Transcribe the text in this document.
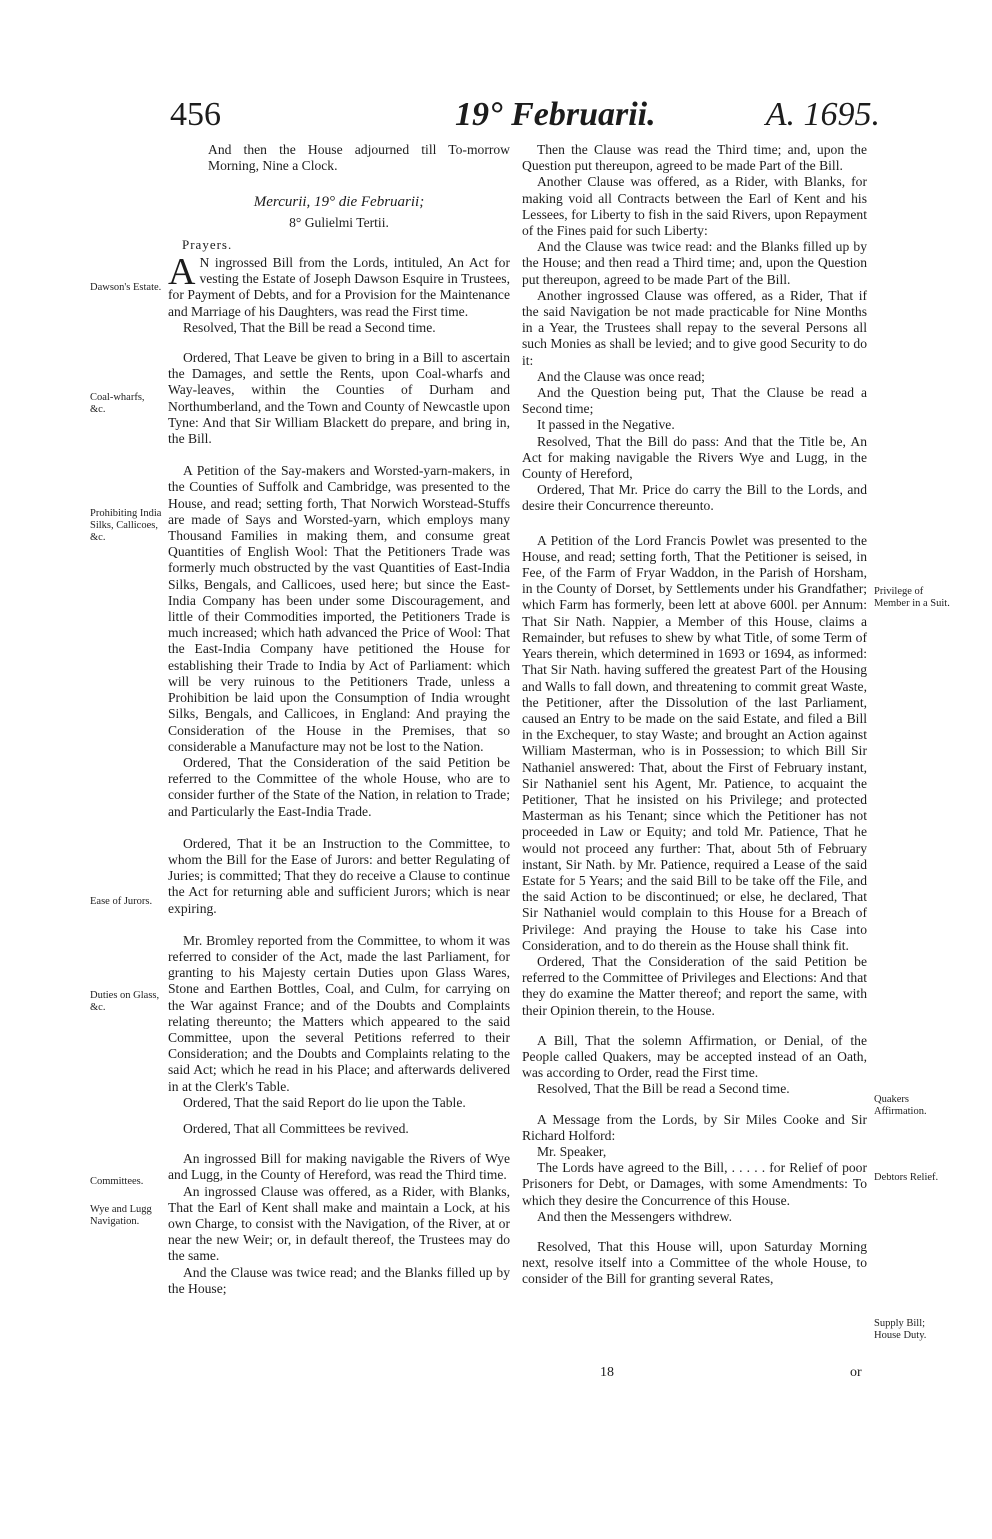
456	19° Februarii.	A. 1695.

And then the House adjourned till To-morrow Morning, Nine a Clock.

Mercurii, 19° die Februarii;

8° Gulielmi Tertii.

Prayers.

A N ingrossed Bill from the Lords, intituled, An Act for vesting the Estate of Joseph Dawson Esquire in Trustees, for Payment of Debts, and for a Provision for the Maintenance and Marriage of his Daughters, was read the First time.

Resolved, That the Bill be read a Second time.

Ordered, That Leave be given to bring in a Bill to ascertain the Damages, and settle the Rents, upon Coal-wharfs and Way-leaves, within the Counties of Durham and Northumberland, and the Town and County of Newcastle upon Tyne: And that Sir William Blackett do prepare, and bring in, the Bill.

A Petition of the Say-makers and Worsted-yarn-makers, in the Counties of Suffolk and Cambridge, was presented to the House, and read; setting forth, That Norwich Worstead-Stuffs are made of Says and Worsted-yarn, which employs many Thousand Families in making them, and consume great Quantities of English Wool: That the Petitioners Trade was formerly much obstructed by the vast Quantities of East-India Silks, Bengals, and Callicoes, used here; but since the East-India Company has been under some Discouragement, and little of their Commodities imported, the Petitioners Trade is much increased; which hath advanced the Price of Wool: That the East-India Company have petitioned the House for establishing their Trade to India by Act of Parliament: which will be very ruinous to the Petitioners Trade, unless a Prohibition be laid upon the Consumption of India wrought Silks, Bengals, and Callicoes, in England: And praying the Consideration of the House in the Premises, that so considerable a Manufacture may not be lost to the Nation.

Ordered, That the Consideration of the said Petition be referred to the Committee of the whole House, who are to consider further of the State of the Nation, in relation to Trade; and Particularly the East-India Trade.

Ordered, That it be an Instruction to the Committee, to whom the Bill for the Ease of Jurors: and better Regulating of Juries; is committed; That they do receive a Clause to continue the Act for returning able and sufficient Jurors; which is near expiring.

Mr. Bromley reported from the Committee, to whom it was referred to consider of the Act, made the last Parliament, for granting to his Majesty certain Duties upon Glass Wares, Stone and Earthen Bottles, Coal, and Culm, for carrying on the War against France; and of the Doubts and Complaints relating thereunto; the Matters which appeared to the said Committee, upon the several Petitions referred to their Consideration; and the Doubts and Complaints relating to the said Act; which he read in his Place; and afterwards delivered in at the Clerk's Table.

Ordered, That the said Report do lie upon the Table.

Ordered, That all Committees be revived.

An ingrossed Bill for making navigable the Rivers of Wye and Lugg, in the County of Hereford, was read the Third time.

An ingrossed Clause was offered, as a Rider, with Blanks, That the Earl of Kent shall make and maintain a Lock, at his own Charge, to consist with the Navigation, of the River, at or near the new Weir; or, in default thereof, the Trustees may do the same.

And the Clause was twice read; and the Blanks filled up by the House;

Then the Clause was read the Third time; and, upon the Question put thereupon, agreed to be made Part of the Bill.

Another Clause was offered, as a Rider, with Blanks, for making void all Contracts between the Earl of Kent and his Lessees, for Liberty to fish in the said Rivers, upon Repayment of the Fines paid for such Liberty:

And the Clause was twice read: and the Blanks filled up by the House; and then read a Third time; and, upon the Question put thereupon, agreed to be made Part of the Bill.

Another ingrossed Clause was offered, as a Rider, That if the said Navigation be not made practicable for Nine Months in a Year, the Trustees shall repay to the several Persons all such Monies as shall be levied; and to give good Security to do it:

And the Clause was once read;

And the Question being put, That the Clause be read a Second time;

It passed in the Negative.

Resolved, That the Bill do pass: And that the Title be, An Act for making navigable the Rivers Wye and Lugg, in the County of Hereford,

Ordered, That Mr. Price do carry the Bill to the Lords, and desire their Concurrence thereunto.

A Petition of the Lord Francis Powlet was presented to the House, and read; setting forth, That the Petitioner is seised, in Fee, of the Farm of Fryar Waddon, in the Parish of Horsham, in the County of Dorset, by Settlements under his Grandfather; which Farm has formerly, been lett at above 600l. per Annum: That Sir Nath. Nappier, a Member of this House, claims a Remainder, but refuses to shew by what Title, of some Term of Years therein, which determined in 1693 or 1694, as informed: That Sir Nath. having suffered the greatest Part of the Housing and Walls to fall down, and threatening to commit great Waste, the Petitioner, after the Dissolution of the last Parliament, caused an Entry to be made on the said Estate, and filed a Bill in the Exchequer, to stay Waste; and brought an Action against William Masterman, who is in Possession; to which Bill Sir Nathaniel answered: That, about the First of February instant, Sir Nathaniel sent his Agent, Mr. Patience, to acquaint the Petitioner, That he insisted on his Privilege; and protected Masterman as his Tenant; since which the Petitioner has not proceeded in Law or Equity; and told Mr. Patience, That he would not proceed any further: That, about 5th of February instant, Sir Nath. by Mr. Patience, required a Lease of the said Estate for 5 Years; and the said Bill to be take off the File, and the said Action to be discontinued; or else, he declared, That Sir Nathaniel would complain to this House for a Breach of Privilege: And praying the House to take his Case into Consideration, and to do therein as the House shall think fit.

Ordered, That the Consideration of the said Petition be referred to the Committee of Privileges and Elections: And that they do examine the Matter thereof; and report the same, with their Opinion therein, to the House.

A Bill, That the solemn Affirmation, or Denial, of the People called Quakers, may be accepted instead of an Oath, was according to Order, read the First time.

Resolved, That the Bill be read a Second time.

A Message from the Lords, by Sir Miles Cooke and Sir Richard Holford:

Mr. Speaker,

The Lords have agreed to the Bill, . . . . . for Relief of poor Prisoners for Debt, or Damages, with some Amendments: To which they desire the Concurrence of this House.

And then the Messengers withdrew.

Resolved, That this House will, upon Saturday Morning next, resolve itself into a Committee of the whole House, to consider of the Bill for granting several Rates,

Dawson's Estate.
Coal-wharfs, &c.
Prohibiting India Silks, Callicoes, &c.
Ease of Jurors.
Duties on Glass, &c.
Committees.
Wye and Lugg Navigation.
Privilege of Member in a Suit.
Quakers Affirmation.
Debtors Relief.
Supply Bill; House Duty.
18	or
